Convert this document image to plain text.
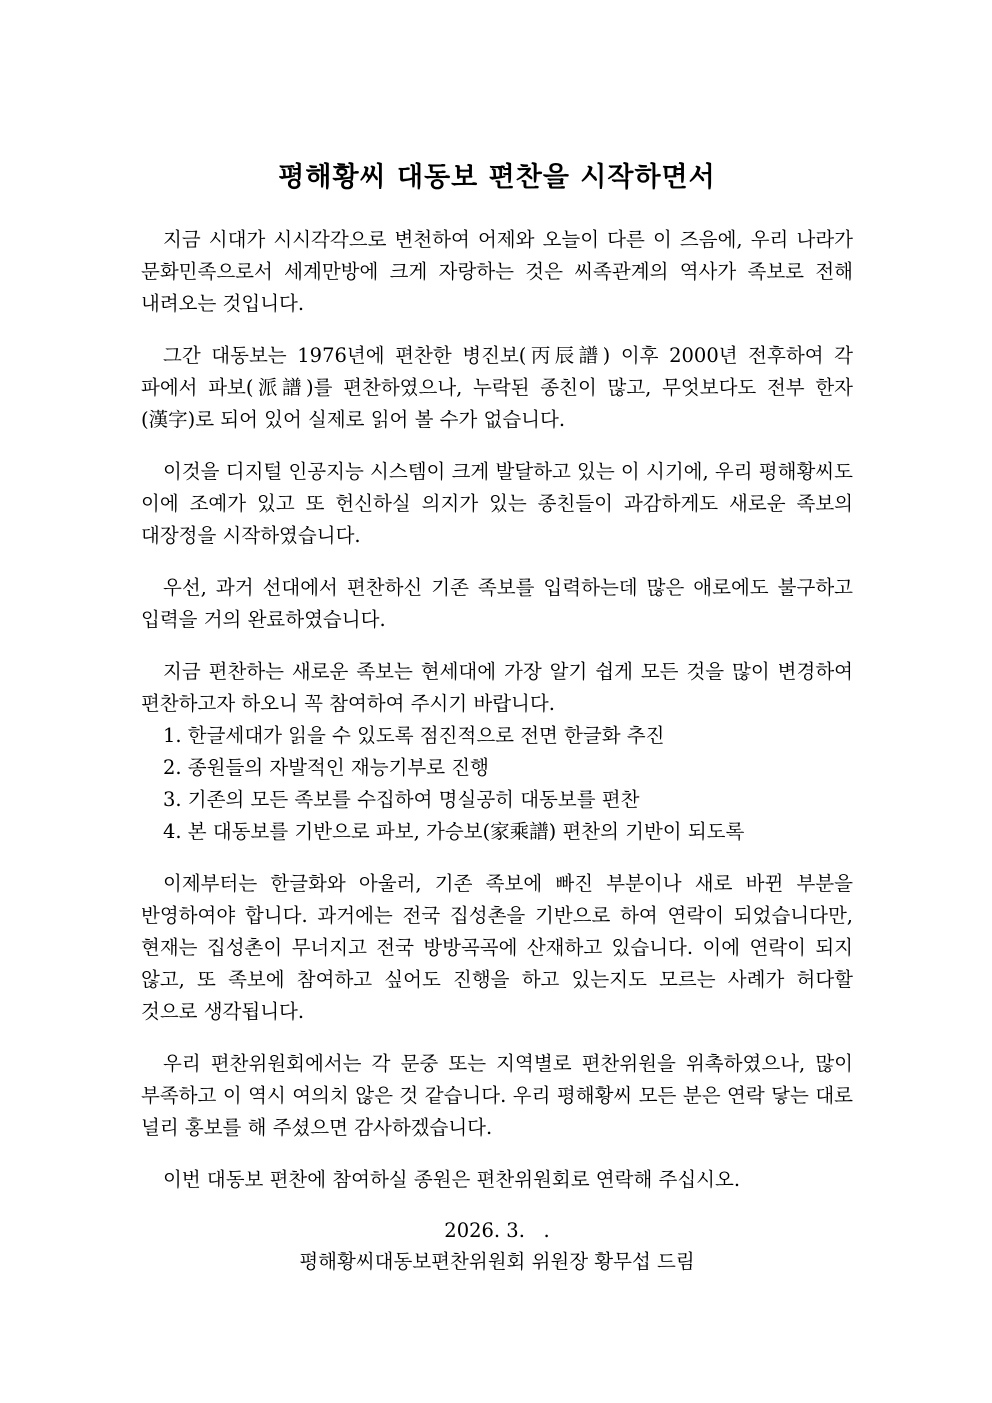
평해황씨 대동보 편찬을 시작하면서

지금 시대가 시시각각으로 변천하여 어제와 오늘이 다른 이 즈음에, 우리 나라가 문화민족으로서 세계만방에 크게 자랑하는 것은 씨족관계의 역사가 족보로 전해 내려오는 것입니다.

그간 대동보는 1976년에 편찬한 병진보(丙辰譜) 이후 2000년 전후하여 각 파에서 파보(派譜)를 편찬하였으나, 누락된 종친이 많고, 무엇보다도 전부 한자(漢字)로 되어 있어 실제로 읽어 볼 수가 없습니다.

이것을 디지털 인공지능 시스템이 크게 발달하고 있는 이 시기에, 우리 평해황씨도 이에 조예가 있고 또 헌신하실 의지가 있는 종친들이 과감하게도 새로운 족보의 대장정을 시작하였습니다.

우선, 과거 선대에서 편찬하신 기존 족보를 입력하는데 많은 애로에도 불구하고 입력을 거의 완료하였습니다.

지금 편찬하는 새로운 족보는 현세대에 가장 알기 쉽게 모든 것을 많이 변경하여 편찬하고자 하오니 꼭 참여하여 주시기 바랍니다.

1. 한글세대가 읽을 수 있도록 점진적으로 전면 한글화 추진
2. 종원들의 자발적인 재능기부로 진행
3. 기존의 모든 족보를 수집하여 명실공히 대동보를 편찬
4. 본 대동보를 기반으로 파보, 가승보(家乘譜) 편찬의 기반이 되도록

이제부터는 한글화와 아울러, 기존 족보에 빠진 부분이나 새로 바뀐 부분을 반영하여야 합니다. 과거에는 전국 집성촌을 기반으로 하여 연락이 되었습니다만, 현재는 집성촌이 무너지고 전국 방방곡곡에 산재하고 있습니다. 이에 연락이 되지 않고, 또 족보에 참여하고 싶어도 진행을 하고 있는지도 모르는 사례가 허다할 것으로 생각됩니다.

우리 편찬위원회에서는 각 문중 또는 지역별로 편찬위원을 위촉하였으나, 많이 부족하고 이 역시 여의치 않은 것 같습니다. 우리 평해황씨 모든 분은 연락 닿는 대로 널리 홍보를 해 주셨으면 감사하겠습니다.

이번 대동보 편찬에 참여하실 종원은 편찬위원회로 연락해 주십시오.

2026. 3.   .
평해황씨대동보편찬위원회 위원장 황무섭 드림
